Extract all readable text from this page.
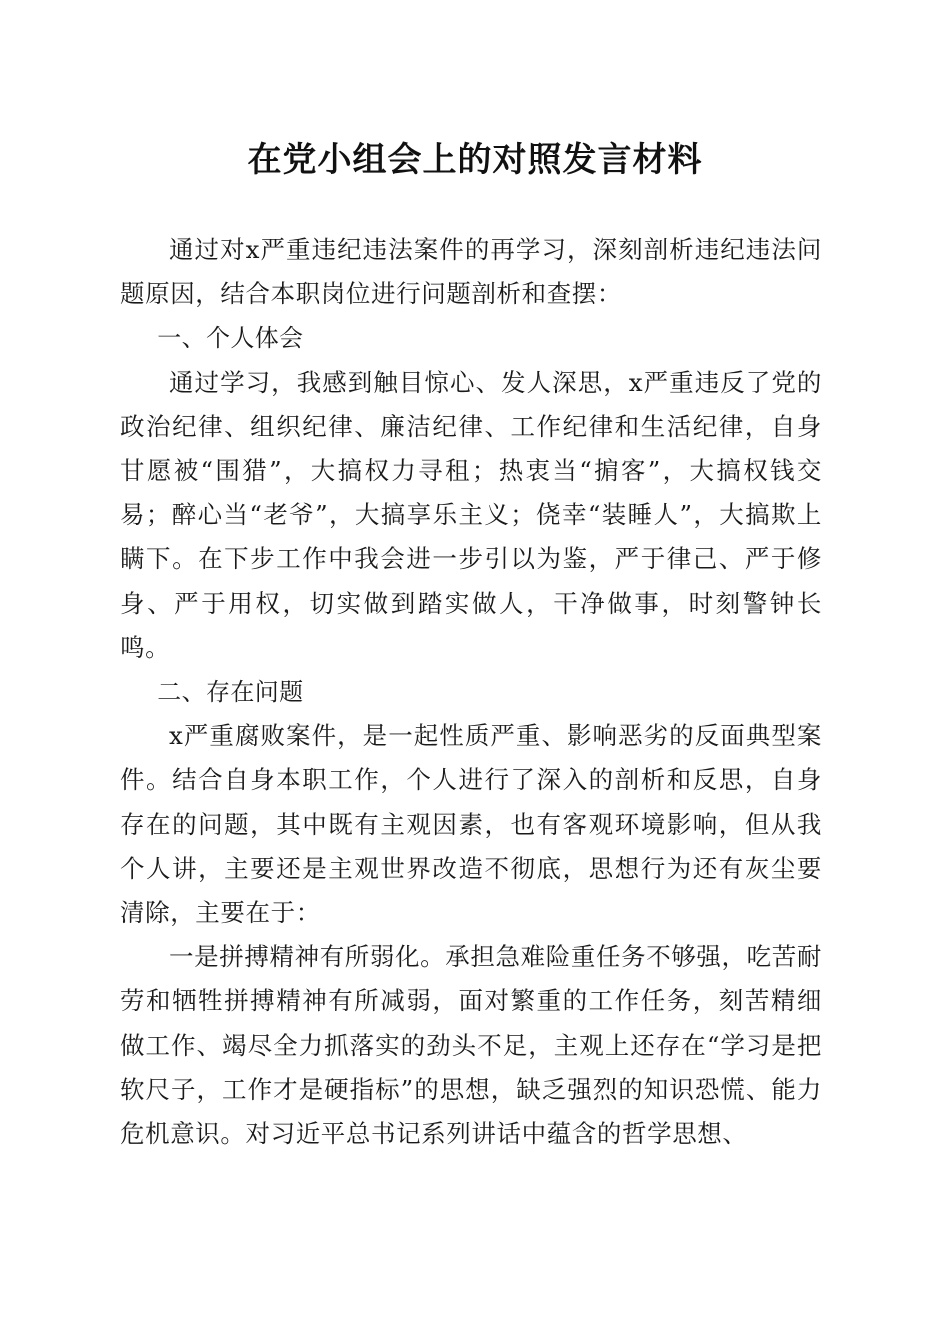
在党小组会上的对照发言材料

通过对x严重违纪违法案件的再学习，深刻剖析违纪违法问题原因，结合本职岗位进行问题剖析和查摆：

一、个人体会

通过学习，我感到触目惊心、发人深思，x严重违反了党的政治纪律、组织纪律、廉洁纪律、工作纪律和生活纪律，自身甘愿被“围猎”，大搞权力寻租；热衷当“掮客”，大搞权钱交易；醉心当“老爷”，大搞享乐主义；侥幸“装睡人”，大搞欺上瞒下。在下步工作中我会进一步引以为鉴，严于律己、严于修身、严于用权，切实做到踏实做人，干净做事，时刻警钟长鸣。

二、存在问题

x严重腐败案件，是一起性质严重、影响恶劣的反面典型案件。结合自身本职工作，个人进行了深入的剖析和反思，自身存在的问题，其中既有主观因素，也有客观环境影响，但从我个人讲，主要还是主观世界改造不彻底，思想行为还有灰尘要清除，主要在于：

一是拼搏精神有所弱化。承担急难险重任务不够强，吃苦耐劳和牺牲拼搏精神有所减弱，面对繁重的工作任务，刻苦精细做工作、竭尽全力抓落实的劲头不足，主观上还存在“学习是把软尺子，工作才是硬指标”的思想，缺乏强烈的知识恐慌、能力危机意识。对习近平总书记系列讲话中蕴含的哲学思想、
